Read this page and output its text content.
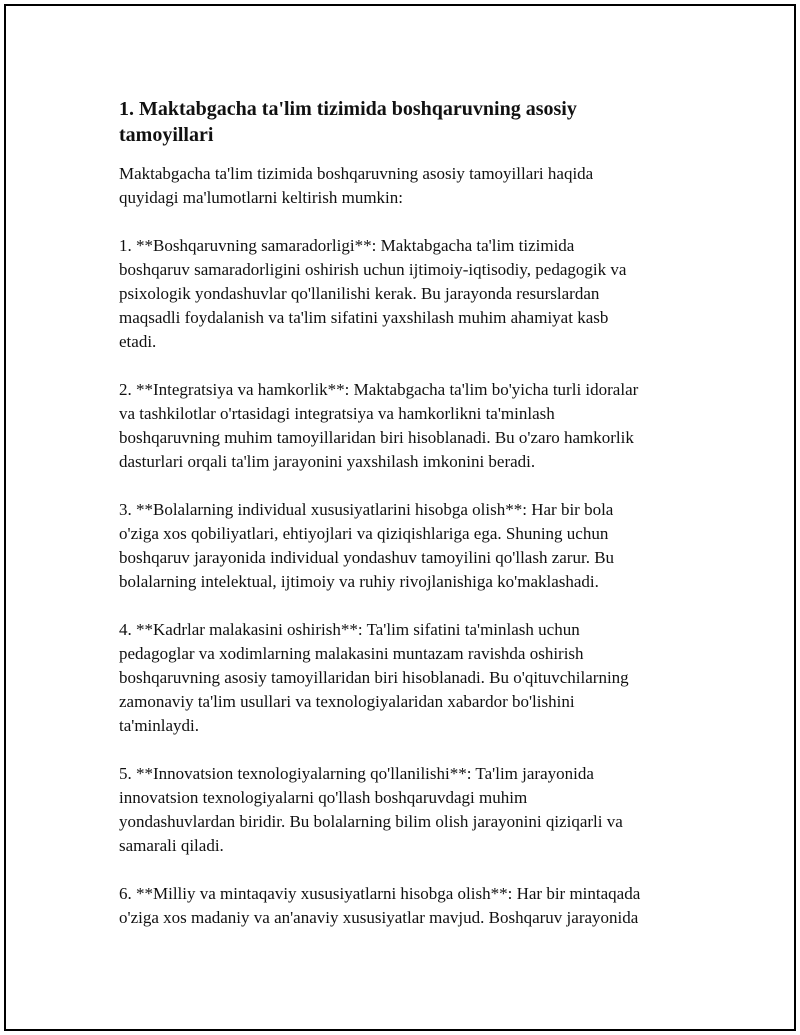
1. Maktabgacha ta'lim tizimida boshqaruvning asosiy
tamoyillari
Maktabgacha ta'lim tizimida boshqaruvning asosiy tamoyillari haqida
quyidagi ma'lumotlarni keltirish mumkin:
1. **Boshqaruvning samaradorligi**: Maktabgacha ta'lim tizimida
boshqaruv samaradorligini oshirish uchun ijtimoiy-iqtisodiy, pedagogik va
psixologik yondashuvlar qo'llanilishi kerak. Bu jarayonda resurslardan
maqsadli foydalanish va ta'lim sifatini yaxshilash muhim ahamiyat kasb
etadi.
2. **Integratsiya va hamkorlik**: Maktabgacha ta'lim bo'yicha turli idoralar
va tashkilotlar o'rtasidagi integratsiya va hamkorlikni ta'minlash
boshqaruvning muhim tamoyillaridan biri hisoblanadi. Bu o'zaro hamkorlik
dasturlari orqali ta'lim jarayonini yaxshilash imkonini beradi.
3. **Bolalarning individual xususiyatlarini hisobga olish**: Har bir bola
o'ziga xos qobiliyatlari, ehtiyojlari va qiziqishlariga ega. Shuning uchun
boshqaruv jarayonida individual yondashuv tamoyilini qo'llash zarur. Bu
bolalarning intelektual, ijtimoiy va ruhiy rivojlanishiga ko'maklashadi.
4. **Kadrlar malakasini oshirish**: Ta'lim sifatini ta'minlash uchun
pedagoglar va xodimlarning malakasini muntazam ravishda oshirish
boshqaruvning asosiy tamoyillaridan biri hisoblanadi. Bu o'qituvchilarning
zamonaviy ta'lim usullari va texnologiyalaridan xabardor bo'lishini
ta'minlaydi.
5. **Innovatsion texnologiyalarning qo'llanilishi**: Ta'lim jarayonida
innovatsion texnologiyalarni qo'llash boshqaruvdagi muhim
yondashuvlardan biridir. Bu bolalarning bilim olish jarayonini qiziqarli va
samarali qiladi.
6. **Milliy va mintaqaviy xususiyatlarni hisobga olish**: Har bir mintaqada
o'ziga xos madaniy va an'anaviy xususiyatlar mavjud. Boshqaruv jarayonida
